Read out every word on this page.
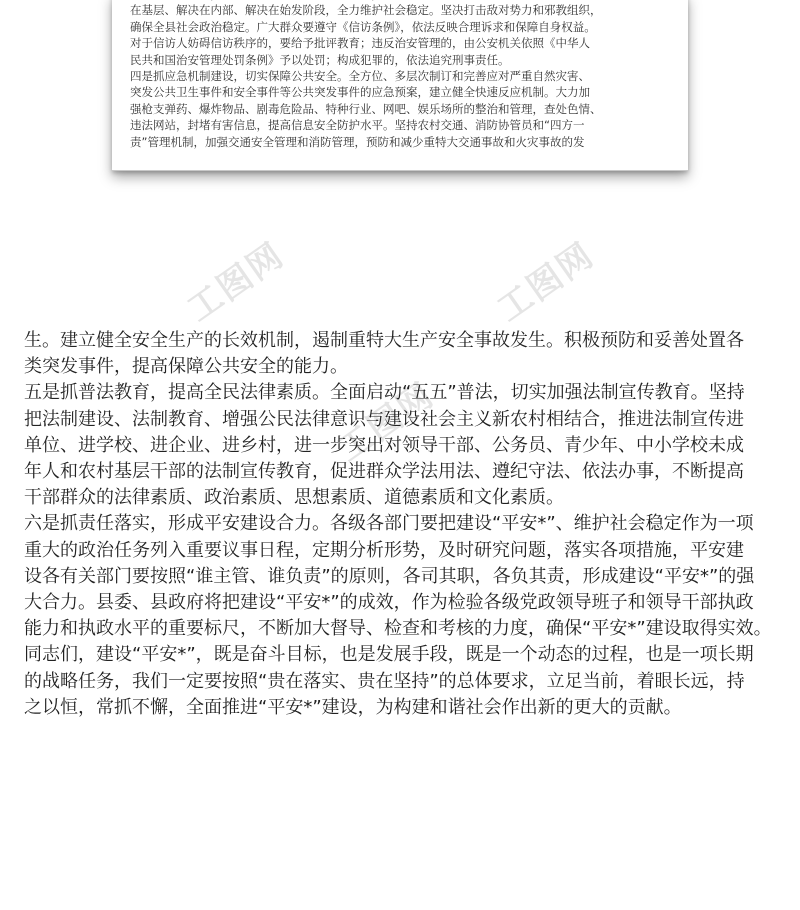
在基层、解决在内部、解决在始发阶段，全力维护社会稳定。坚决打击敌对势力和邪教组织，
确保全县社会政治稳定。广大群众要遵守《信访条例》，依法反映合理诉求和保障自身权益。
对于信访人妨碍信访秩序的，要给予批评教育；违反治安管理的，由公安机关依照《中华人
民共和国治安管理处罚条例》予以处罚；构成犯罪的，依法追究刑事责任。
四是抓应急机制建设，切实保障公共安全。全方位、多层次制订和完善应对严重自然灾害、
突发公共卫生事件和安全事件等公共突发事件的应急预案，建立健全快速反应机制。大力加
强枪支弹药、爆炸物品、剧毒危险品、特种行业、网吧、娱乐场所的整治和管理，查处色情、
违法网站，封堵有害信息，提高信息安全防护水平。坚持农村交通、消防协管员和“四方一
责”管理机制，加强交通安全管理和消防管理，预防和减少重特大交通事故和火灾事故的发
工图网	工图网
工图网
生。建立健全安全生产的长效机制，遏制重特大生产安全事故发生。积极预防和妥善处置各
类突发事件，提高保障公共安全的能力。
五是抓普法教育，提高全民法律素质。全面启动“五五”普法，切实加强法制宣传教育。坚持
把法制建设、法制教育、增强公民法律意识与建设社会主义新农村相结合，推进法制宣传进
单位、进学校、进企业、进乡村，进一步突出对领导干部、公务员、青少年、中小学校未成
年人和农村基层干部的法制宣传教育，促进群众学法用法、遵纪守法、依法办事，不断提高
干部群众的法律素质、政治素质、思想素质、道德素质和文化素质。
六是抓责任落实，形成平安建设合力。各级各部门要把建设“平安*”、维护社会稳定作为一项
重大的政治任务列入重要议事日程，定期分析形势，及时研究问题，落实各项措施，平安建
设各有关部门要按照“谁主管、谁负责”的原则，各司其职，各负其责，形成建设“平安*”的强
大合力。县委、县政府将把建设“平安*”的成效，作为检验各级党政领导班子和领导干部执政
能力和执政水平的重要标尺，不断加大督导、检查和考核的力度，确保“平安*”建设取得实效。
同志们，建设“平安*”，既是奋斗目标，也是发展手段，既是一个动态的过程，也是一项长期
的战略任务，我们一定要按照“贵在落实、贵在坚持”的总体要求，立足当前，着眼长远，持
之以恒，常抓不懈，全面推进“平安*”建设，为构建和谐社会作出新的更大的贡献。
